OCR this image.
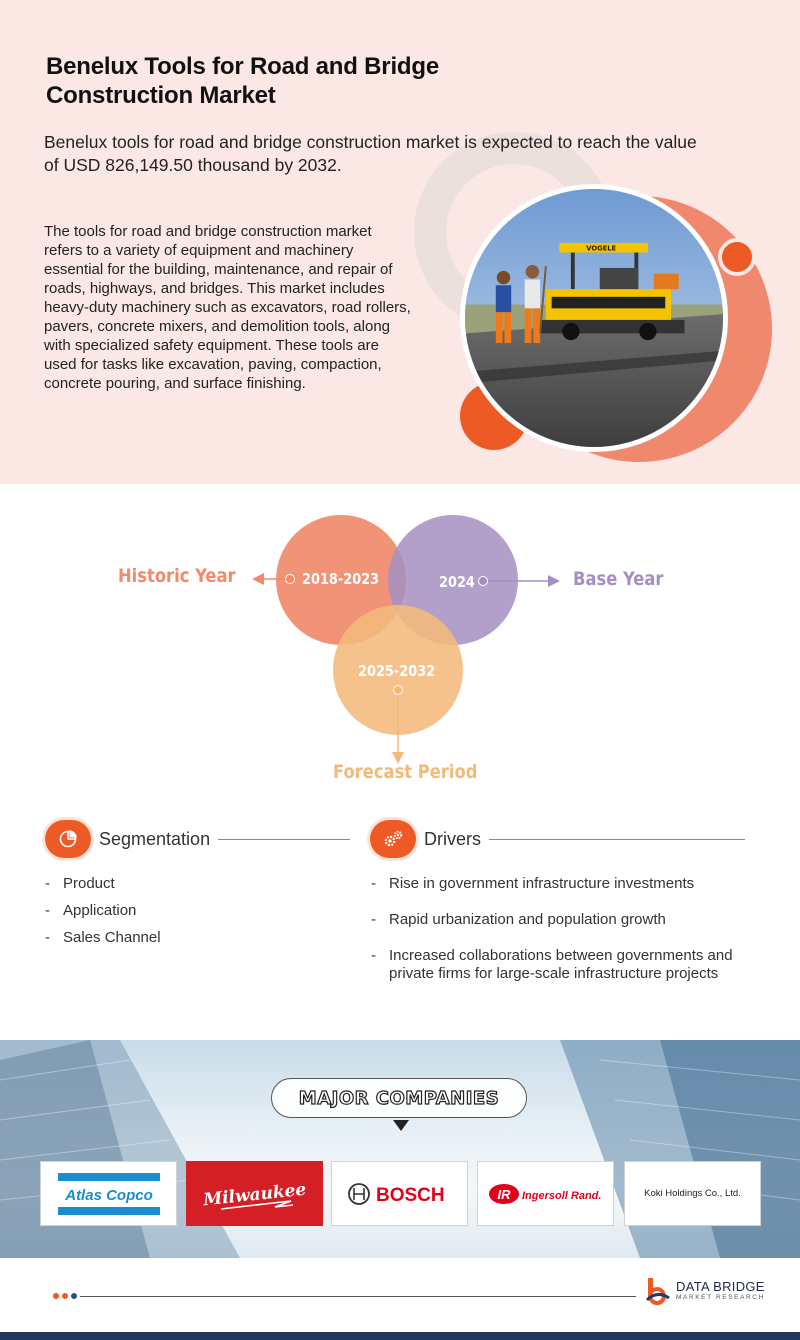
Benelux Tools for Road and Bridge Construction Market

Benelux tools for road and bridge construction market is expected to reach the value of USD 826,149.50 thousand by 2032.

The tools for road and bridge construction market refers to a variety of equipment and machinery essential for the building, maintenance, and repair of roads, highways, and bridges. This market includes heavy-duty machinery such as excavators, road rollers, pavers, concrete mixers, and demolition tools, along with specialized safety equipment. These tools are used for tasks like excavation, paving, compaction, concrete pouring, and surface finishing.

VOGELE
Historic Year	2018-2023	Base Year
2024
2025-2032
Forecast Period
Segmentation
- Product
- Application
- Sales Channel
Drivers
- Rise in government infrastructure investments
- Rapid urbanization and population growth
- Increased collaborations between governments and private firms for large-scale infrastructure projects
MAJOR COMPANIES
Atlas Copco	Milwaukee	BOSCH	IR Ingersoll Rand.	Koki Holdings Co., Ltd.
DATA BRIDGE
MARKET RESEARCH
